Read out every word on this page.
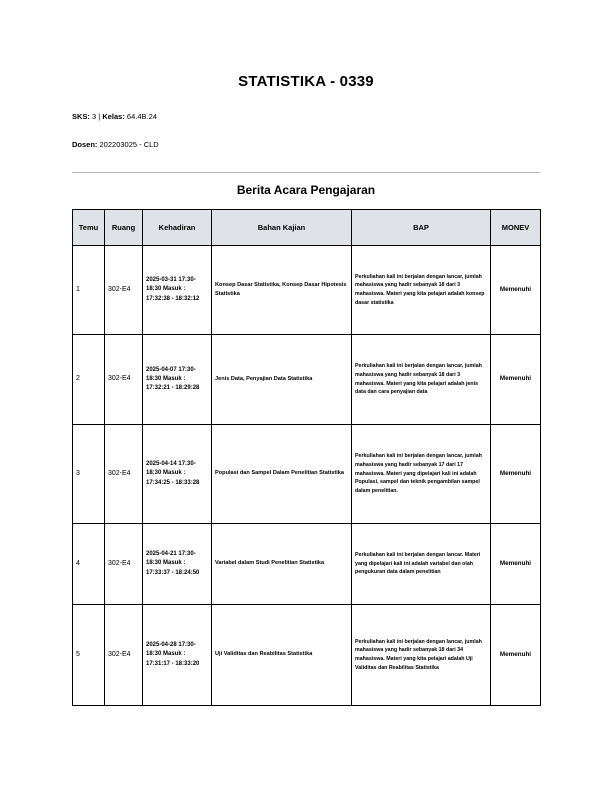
STATISTIKA - 0339
SKS: 3 | Kelas: 64.4B.24
Dosen: 202203025 - CLD
Berita Acara Pengajaran
Temu	Ruang	Kehadiran	Bahan Kajian	BAP	MONEV
1	302-E4	2025-03-31 17:30-18:30 Masuk : 17:32:38 - 18:32:12	Konsep Dasar Statistika, Konsep Dasar Hipotesis Statistika	Perkuliahan kali ini berjalan dengan lancar, jumlah mahasiswa yang hadir sebanyak 18 dari 3 mahasiswa. Materi yang kita pelajari adalah konsep dasar statistika	Memenuhi
2	302-E4	2025-04-07 17:30-18:30 Masuk : 17:32:21 - 18:29:28	Jenis Data, Penyajian Data Statistika	Perkuliahan kali ini berjalan dengan lancar, jumlah mahasiswa yang hadir sebanyak 18 dari 3 mahasiswa. Materi yang kita pelajari adalah jenis data dan cara penyajian data	Memenuhi
3	302-E4	2025-04-14 17:30-18:30 Masuk : 17:34:25 - 18:33:28	Populasi dan Sampel Dalam Penelitian Statistika	Perkuliahan kali ini berjalan dengan lancar, jumlah mahasiswa yang hadir sebanyak 17 dari 17 mahasiswa. Materi yang dipelajari kali ini adalah Populasi, sampel dan teknik pengambilan sampel dalam penelitian.	Memenuhi
4	302-E4	2025-04-21 17:30-18:30 Masuk : 17:33:37 - 18:24:50	Variabel dalam Studi Penelitian Statistika	Perkuliahan kali ini berjalan dengan lancar. Materi yang dipelajari kali ini adalah variabel dan olah pengukuran data dalam penelitian	Memenuhi
5	302-E4	2025-04-28 17:30-18:30 Masuk : 17:31:17 - 18:33:20	Uji Validitas dan Reabilitas Statistika	Perkuliahan kali ini berjalan dengan lancar, jumlah mahasiswa yang hadir sebanyak 18 dari 34 mahasiswa. Materi yang kita pelajari adalah Uji Validitas dan Reabilitas Statistika	Memenuhi
